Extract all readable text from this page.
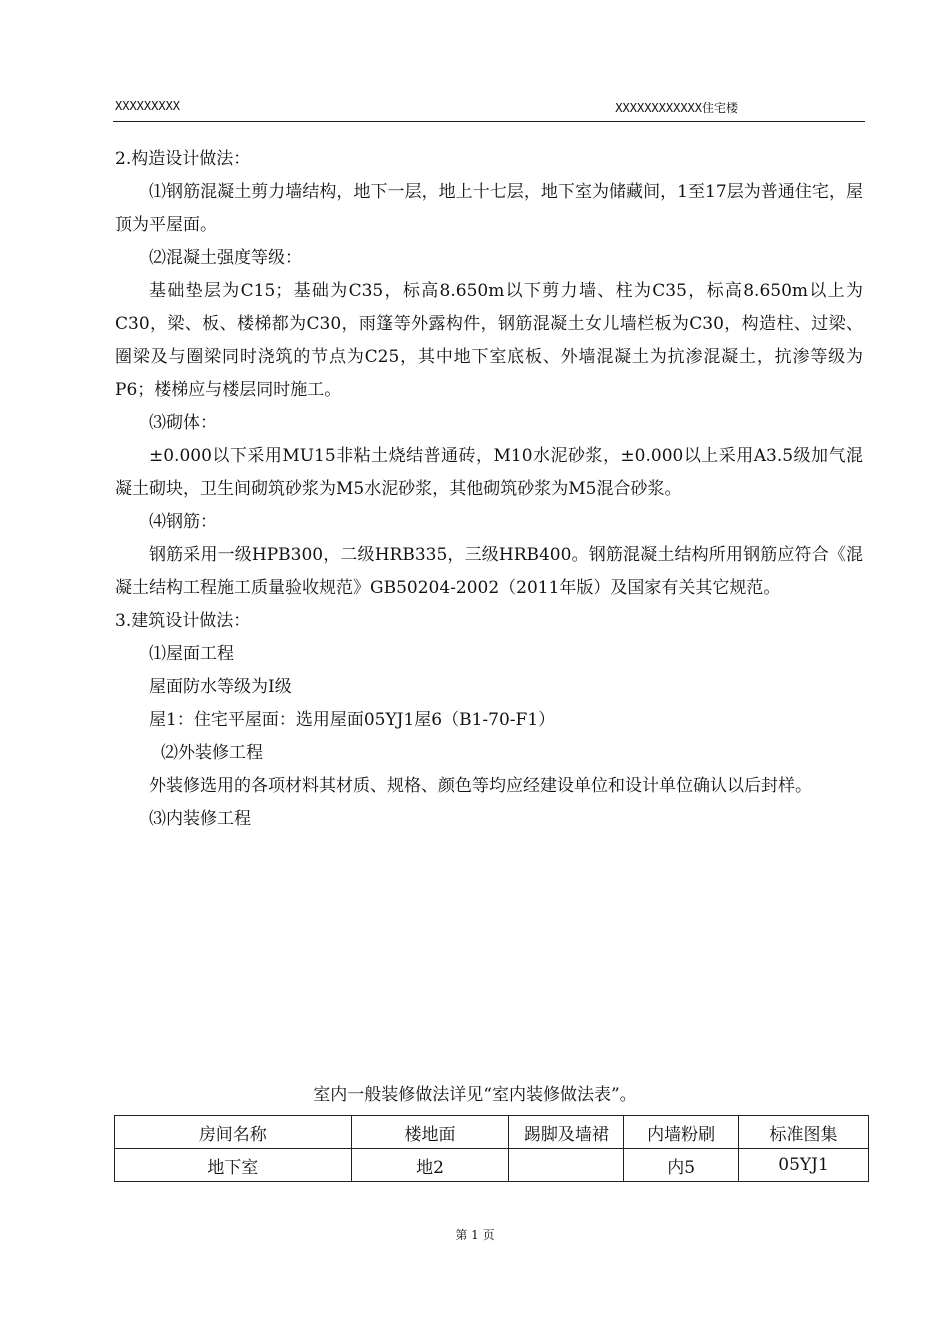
XXXXXXXXX	XXXXXXXXXXXX住宅楼

2.构造设计做法：

⑴钢筋混凝土剪力墙结构，地下一层，地上十七层，地下室为储藏间，1至17层为普通住宅，屋顶为平屋面。

⑵混凝土强度等级：

基础垫层为C15；基础为C35，标高8.650m以下剪力墙、柱为C35，标高8.650m以上为C30，梁、板、楼梯都为C30，雨篷等外露构件，钢筋混凝土女儿墙栏板为C30，构造柱、过梁、圈梁及与圈梁同时浇筑的节点为C25，其中地下室底板、外墙混凝土为抗渗混凝土，抗渗等级为P6；楼梯应与楼层同时施工。

⑶砌体：

±0.000以下采用MU15非粘土烧结普通砖，M10水泥砂浆，±0.000以上采用A3.5级加气混凝土砌块，卫生间砌筑砂浆为M5水泥砂浆，其他砌筑砂浆为M5混合砂浆。

⑷钢筋：

钢筋采用一级HPB300，二级HRB335，三级HRB400。钢筋混凝土结构所用钢筋应符合《混凝土结构工程施工质量验收规范》GB50204-2002（2011年版）及国家有关其它规范。

3.建筑设计做法：

⑴屋面工程

屋面防水等级为Ⅰ级

屋1：住宅平屋面：选用屋面05YJ1屋6（B1-70-F1）

⑵外装修工程

外装修选用的各项材料其材质、规格、颜色等均应经建设单位和设计单位确认以后封样。

⑶内装修工程

室内一般装修做法详见“室内装修做法表”。
房间名称	楼地面	踢脚及墙裙	内墙粉刷	标准图集
地下室	地2		内5	05YJ1
第 1 页
